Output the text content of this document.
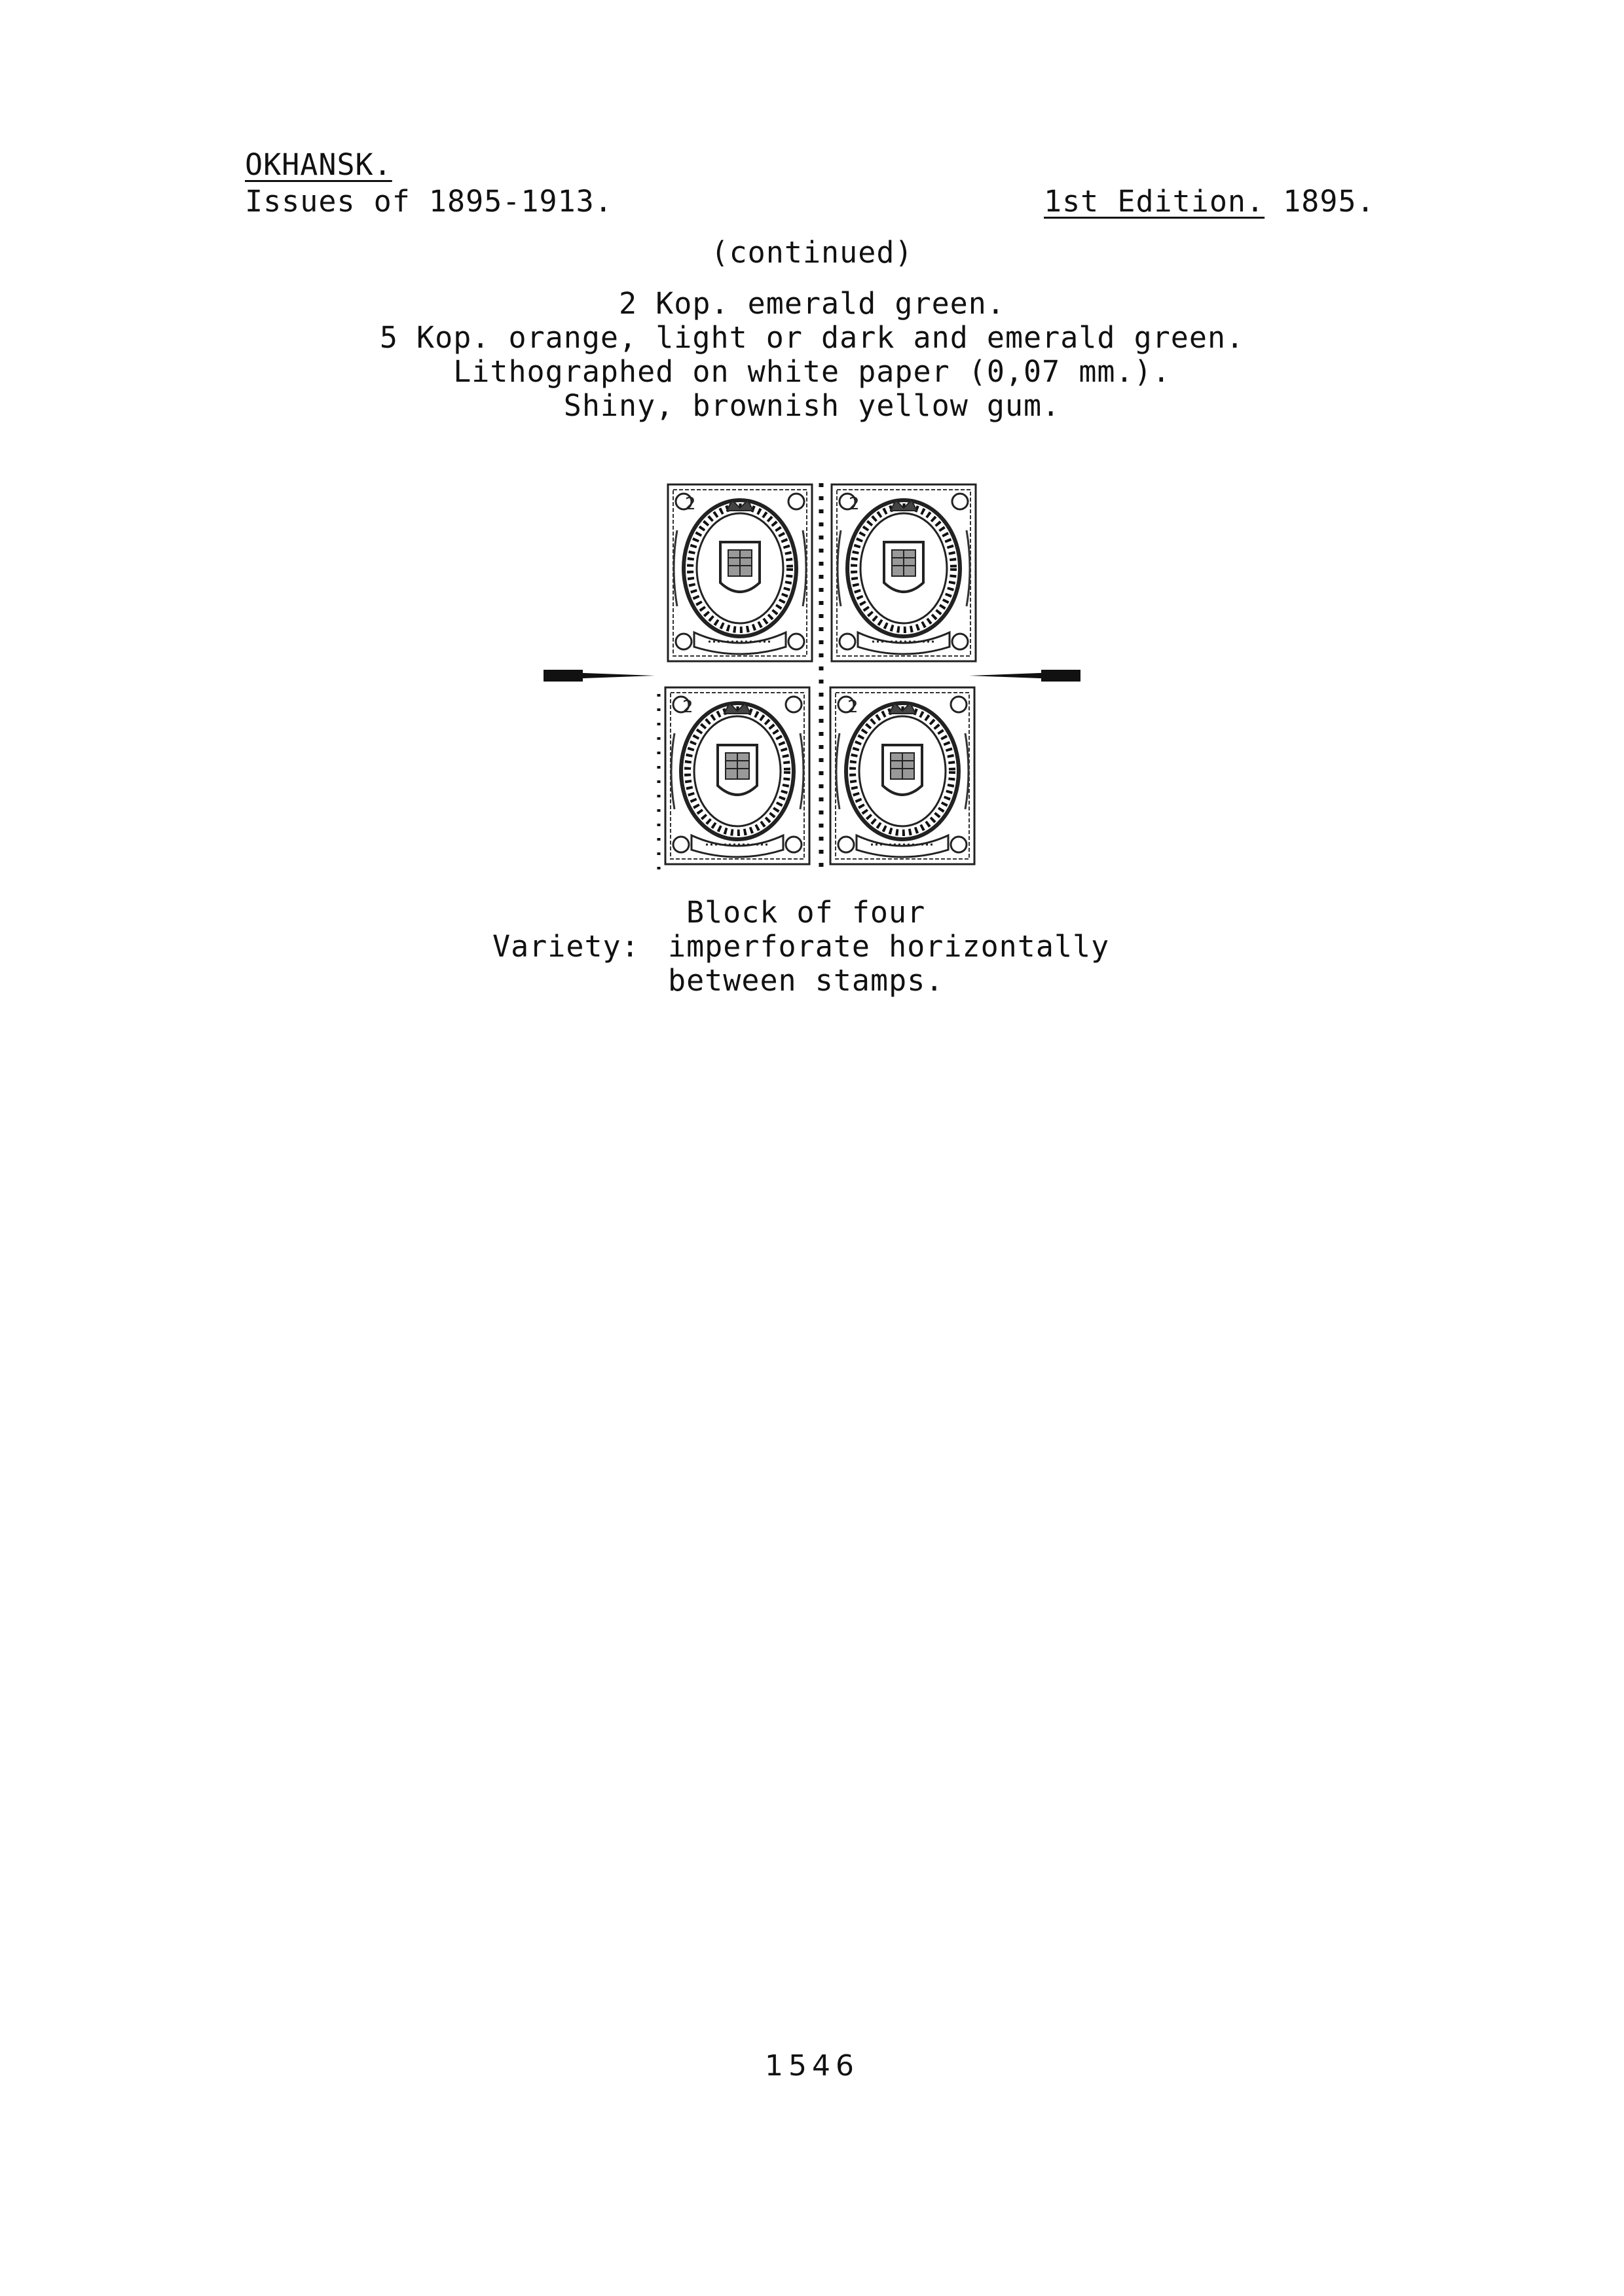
OKHANSK.
Issues of 1895-1913.	1st Edition. 1895.
(continued)
2 Kop. emerald green.
5 Kop. orange, light or dark and emerald green.
Lithographed on white paper (0,07 mm.).
Shiny, brownish yellow gum.
2	2
2	2
Block of four
Variety: imperforate horizontally
between stamps.
1546
